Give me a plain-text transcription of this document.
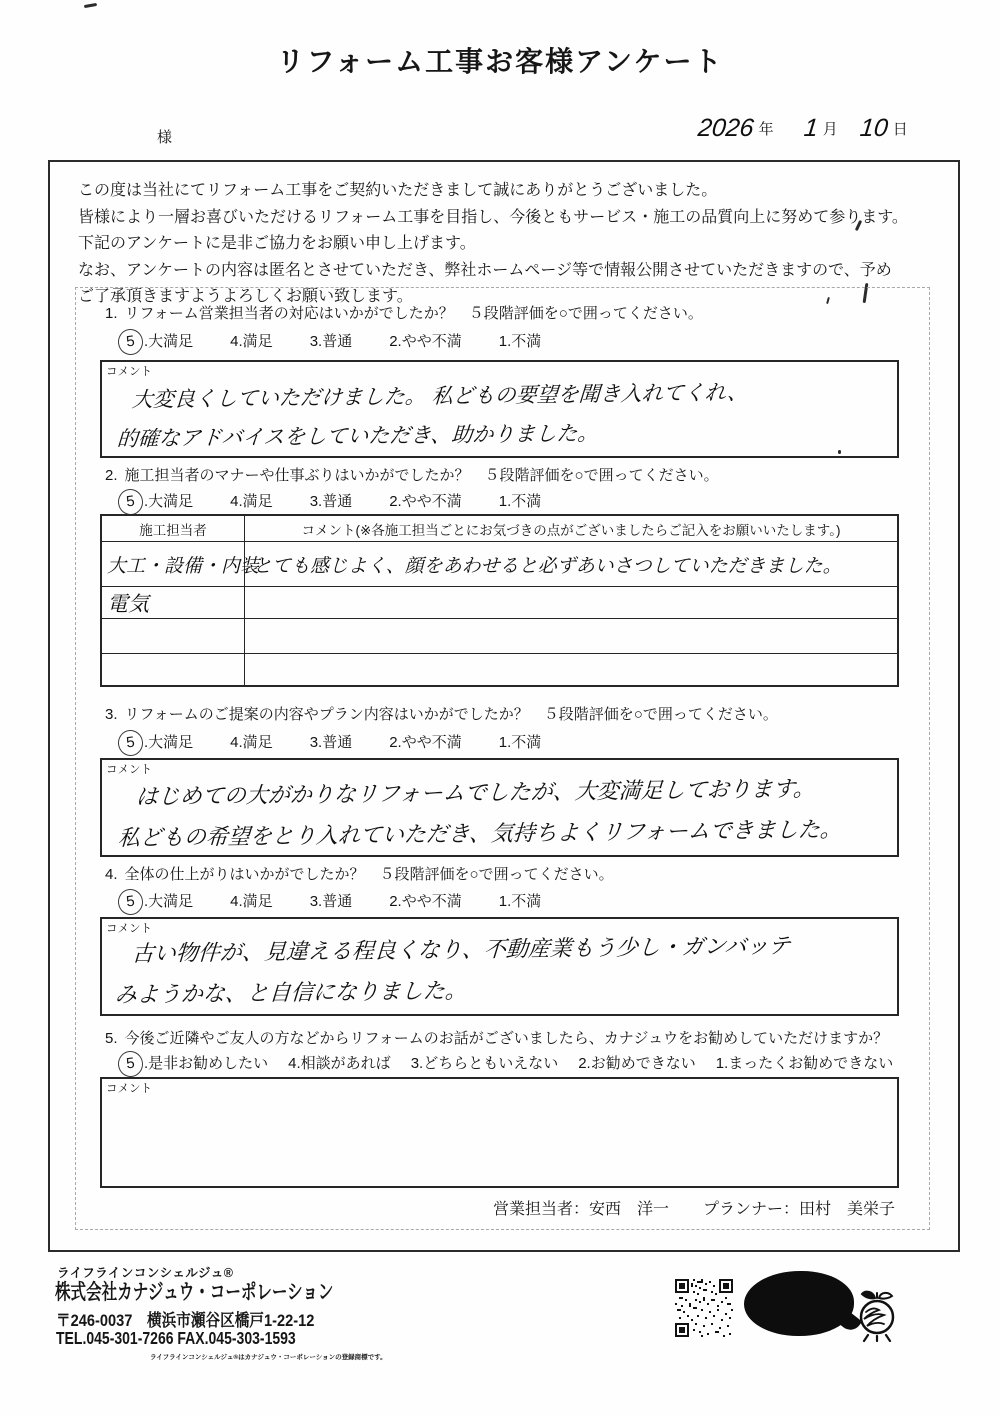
リフォーム工事お客様アンケート
様	2026 年 1 月 10 日
この度は当社にてリフォーム工事をご契約いただきまして誠にありがとうございました。
皆様により一層お喜びいただけるリフォーム工事を目指し、今後ともサービス・施工の品質向上に努めて参ります。
下記のアンケートに是非ご協力をお願い申し上げます。
なお、アンケートの内容は匿名とさせていただき、弊社ホームページ等で情報公開させていただきますので、予め
ご了承頂きますようよろしくお願い致します。
1. リフォーム営業担当者の対応はいかがでしたか？　５段階評価を○で囲ってください。
5 .大満足 4.満足 3.普通 2.やや不満 1.不満
コメント
大変良くしていただけました。 私どもの要望を聞き入れてくれ、
的確なアドバイスをしていただき、助かりました。
2. 施工担当者のマナーや仕事ぶりはいかがでしたか？　５段階評価を○で囲ってください。
5 .大満足 4.満足 3.普通 2.やや不満 1.不満
施工担当者	コメント(※各施工担当ごとにお気づきの点がございましたらご記入をお願いいたします。)
大工・設備・内装
とても感じよく、顔をあわせると必ずあいさつしていただきました。
電気
3. リフォームのご提案の内容やプラン内容はいかがでしたか？　５段階評価を○で囲ってください。
5 .大満足 4.満足 3.普通 2.やや不満 1.不満
コメント
はじめての大がかりなリフォームでしたが、大変満足しております。
私どもの希望をとり入れていただき、気持ちよくリフォームできました。
4. 全体の仕上がりはいかがでしたか？　５段階評価を○で囲ってください。
5 .大満足 4.満足 3.普通 2.やや不満 1.不満
コメント
古い物件が、見違える程良くなり、不動産業もう少し・ガンバッテ
みようかな、と自信になりました。
5. 今後ご近隣やご友人の方などからリフォームのお話がございましたら、カナジュウをお勧めしていただけますか？
5 .是非お勧めしたい 4.相談があれば 3.どちらともいえない 2.お勧めできない 1.まったくお勧めできない
コメント
営業担当者：安西　洋一 プランナー：田村　美栄子
ライフラインコンシェルジュ®
株式会社カナジュウ・コーポレーション
〒246-0037　横浜市瀬谷区橋戸1-22-12
TEL.045-301-7266 FAX.045-303-1593
ライフラインコンシェルジュ®はカナジュウ・コーポレーションの登録商標です。
